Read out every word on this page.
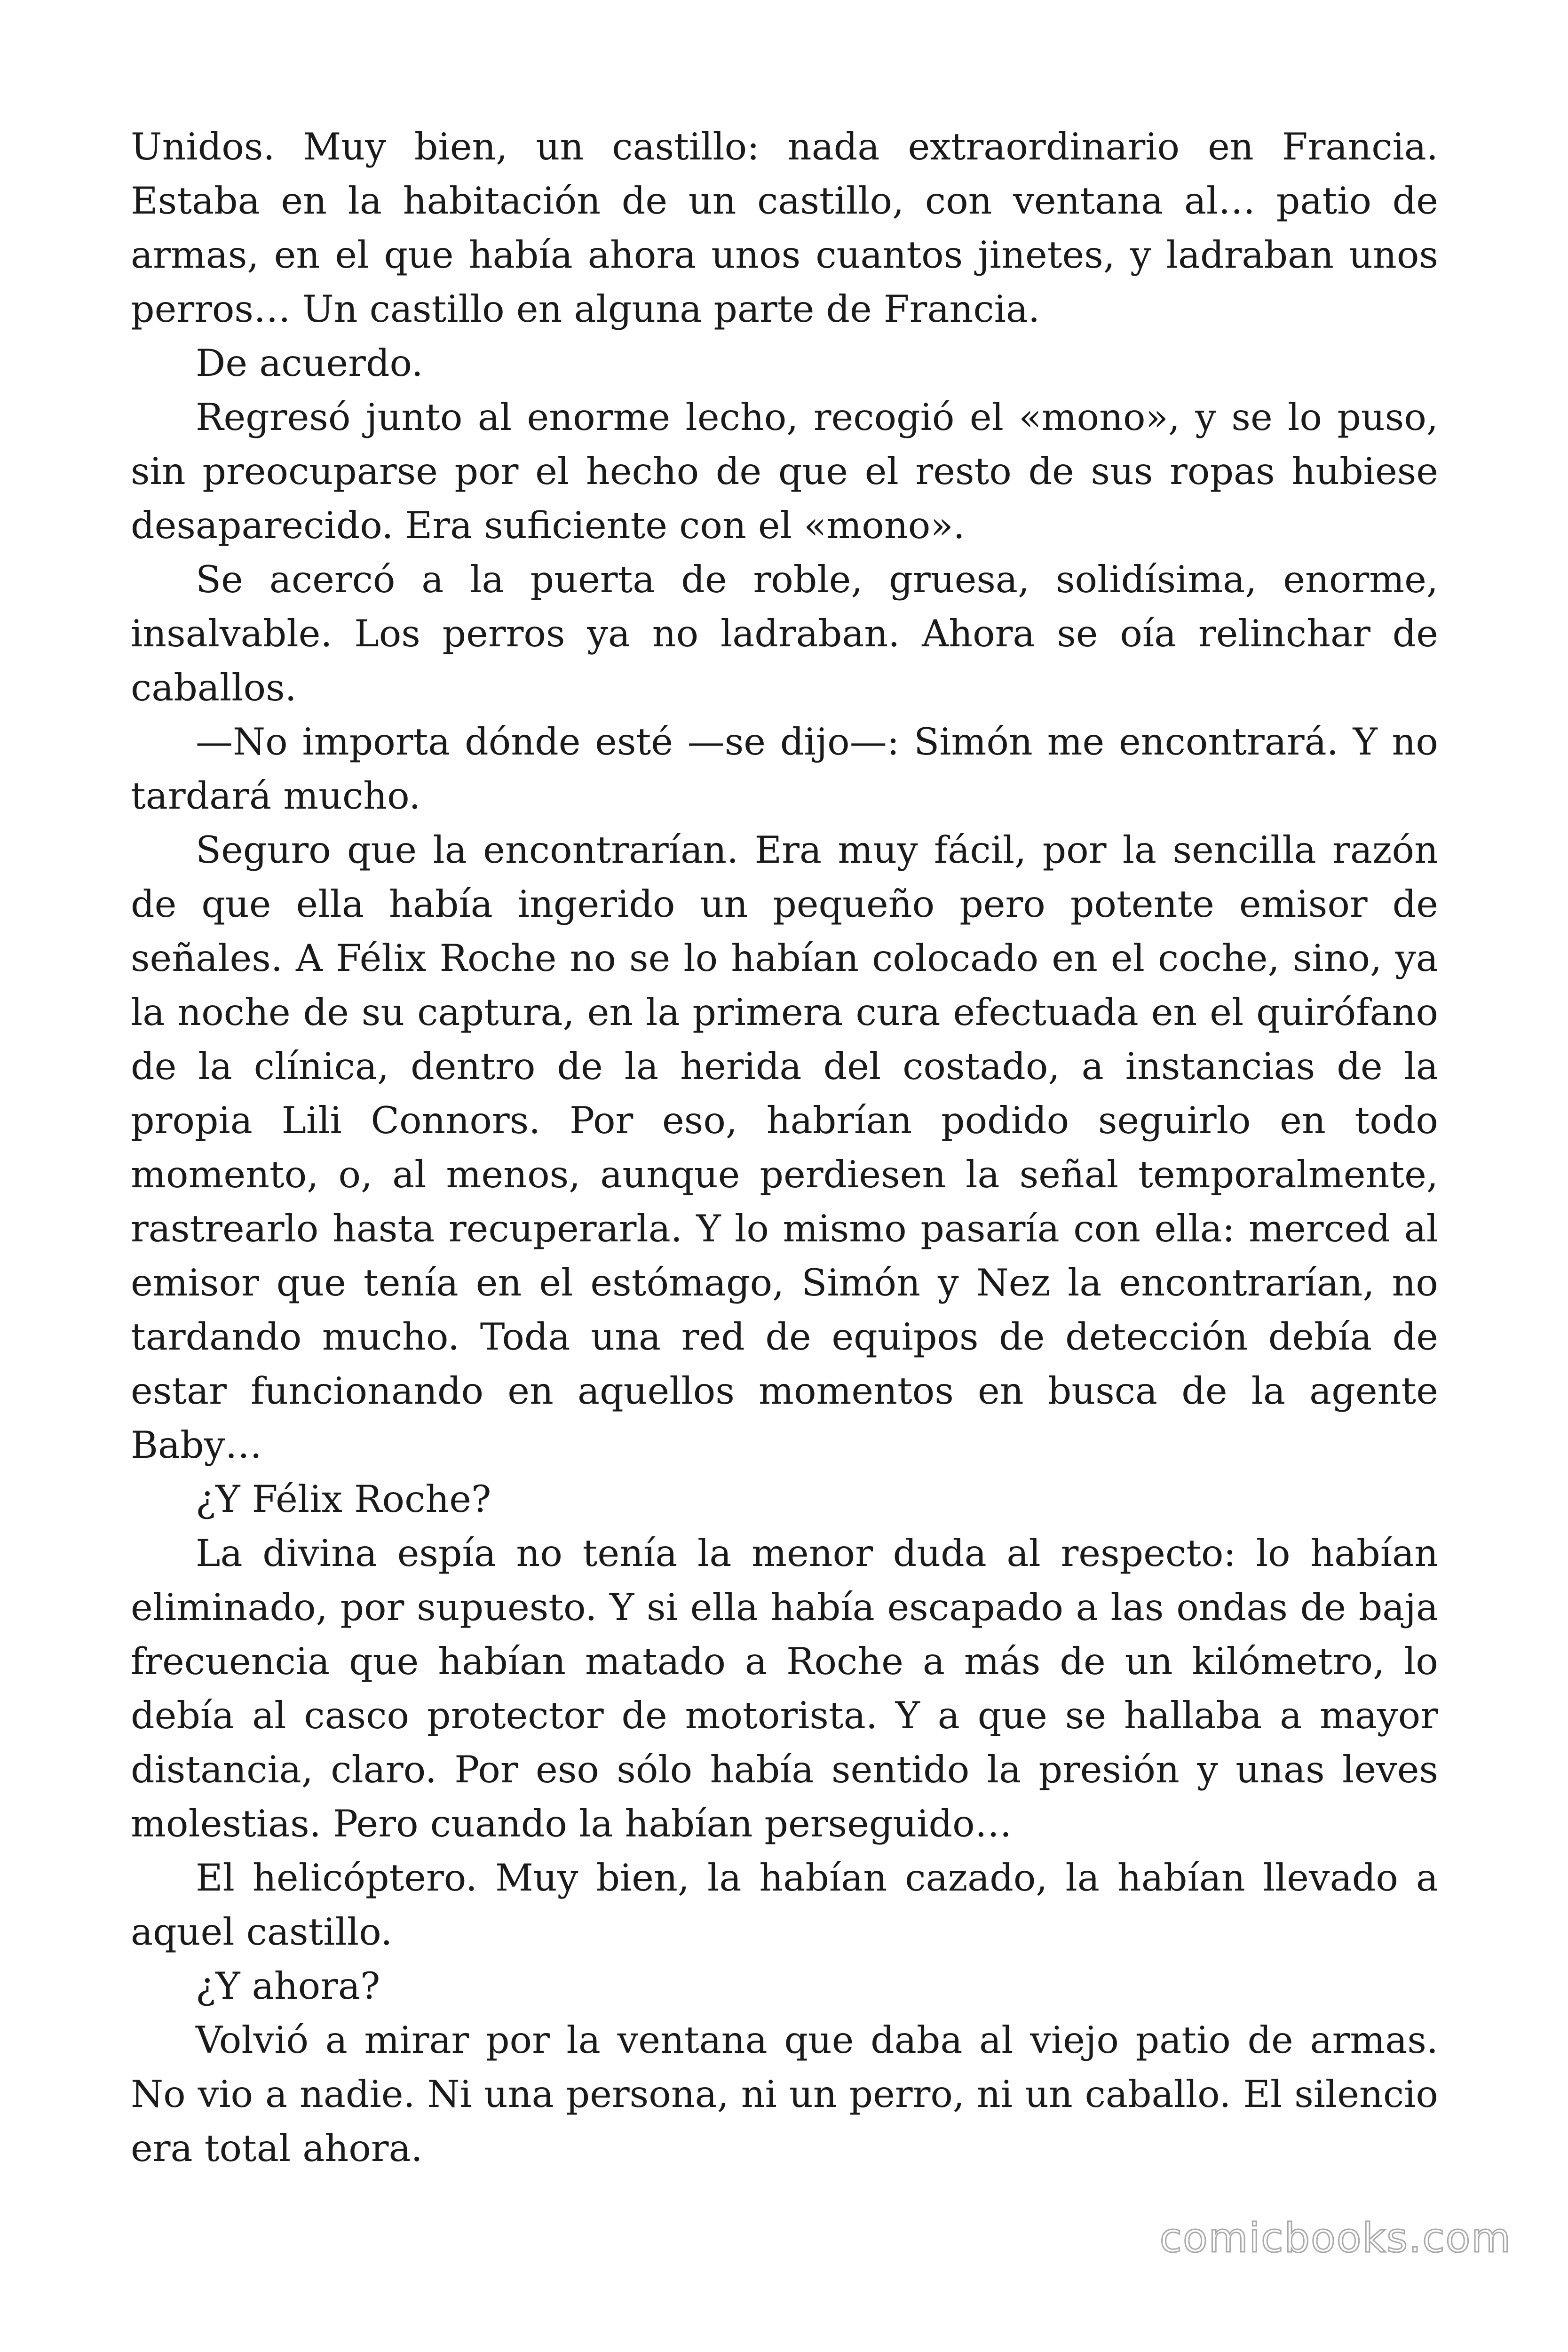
Unidos. Muy bien, un castillo: nada extraordinario en Francia. Estaba en la habitación de un castillo, con ventana al… patio de armas, en el que había ahora unos cuantos jinetes, y ladraban unos perros… Un castillo en alguna parte de Francia.

De acuerdo.

Regresó junto al enorme lecho, recogió el «mono», y se lo puso, sin preocuparse por el hecho de que el resto de sus ropas hubiese desaparecido. Era suficiente con el «mono».

Se acercó a la puerta de roble, gruesa, solidísima, enorme, insalvable. Los perros ya no ladraban. Ahora se oía relinchar de caballos.

—No importa dónde esté —se dijo—: Simón me encontrará. Y no tardará mucho.

Seguro que la encontrarían. Era muy fácil, por la sencilla razón de que ella había ingerido un pequeño pero potente emisor de señales. A Félix Roche no se lo habían colocado en el coche, sino, ya la noche de su captura, en la primera cura efectuada en el quirófano de la clínica, dentro de la herida del costado, a instancias de la propia Lili Connors. Por eso, habrían podido seguirlo en todo momento, o, al menos, aunque perdiesen la señal temporalmente, rastrearlo hasta recuperarla. Y lo mismo pasaría con ella: merced al emisor que tenía en el estómago, Simón y Nez la encontrarían, no tardando mucho. Toda una red de equipos de detección debía de estar funcionando en aquellos momentos en busca de la agente Baby…

¿Y Félix Roche?

La divina espía no tenía la menor duda al respecto: lo habían eliminado, por supuesto. Y si ella había escapado a las ondas de baja frecuencia que habían matado a Roche a más de un kilómetro, lo debía al casco protector de motorista. Y a que se hallaba a mayor distancia, claro. Por eso sólo había sentido la presión y unas leves molestias. Pero cuando la habían perseguido…

El helicóptero. Muy bien, la habían cazado, la habían llevado a aquel castillo.

¿Y ahora?

Volvió a mirar por la ventana que daba al viejo patio de armas. No vio a nadie. Ni una persona, ni un perro, ni un caballo. El silencio era total ahora.

comicbooks.com
